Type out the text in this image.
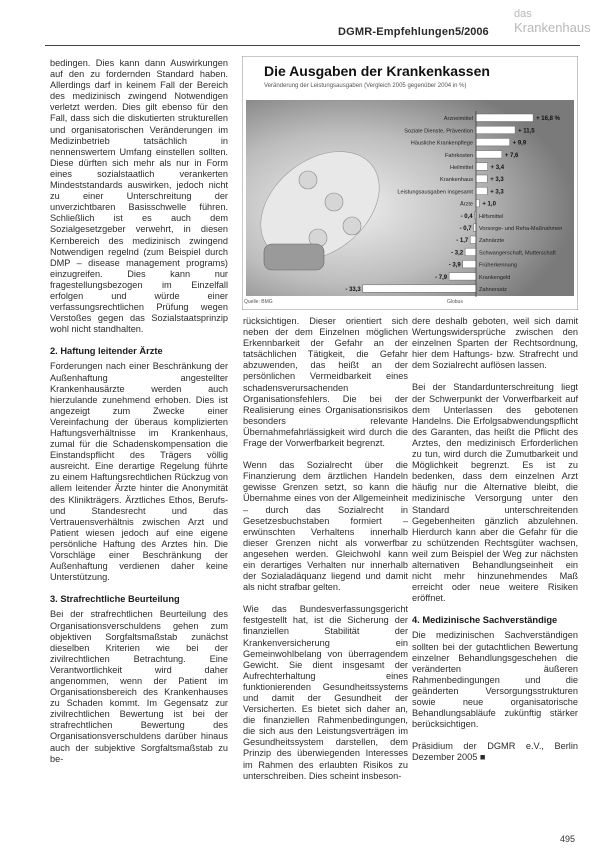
DGMR-Empfehlungen 5/2006
das
Krankenhaus
Arzneimittel	+ 16,8 %
Soziale Dienste, Prävention	+ 11,5
Häusliche Krankenpflege	+ 9,9
Fahrkosten	+ 7,6
Heilmittel	+ 3,4
Krankenhaus	+ 3,3
Leistungsausgaben insgesamt	+ 3,3
Ärzte + 1,0
Hilfsmittel
- 0,4
Vorsorge- und Reha-Maßnahmen
- 0,7
Zahnärzte
- 1,7
Schwangerschaft, Mutterschaft
- 3,2
Früherkennung
- 3,9
Krankengeld
- 7,9
Zahnersatz
- 33,3
Die Ausgaben der Krankenkassen
Veränderung der Leistungsausgaben (Vergleich 2005 gegenüber 2004 in %)
Quelle: BMG	Globus

bedingen. Dies kann dann Auswirkungen auf den zu fordernden Standard haben. Allerdings darf in keinem Fall der Bereich des medizinisch zwingend Notwendigen verletzt werden. Dies gilt ebenso für den Fall, dass sich die diskutierten strukturellen und organisatorischen Veränderungen im Medizinbetrieb tatsächlich in nennenswertem Umfang einstellen sollten. Diese dürften sich mehr als nur in Form eines sozialstaatlich verankerten Mindeststandards auswirken, jedoch nicht zu einer Unterschreitung der unverzichtbaren Basisschwelle führen. Schließlich ist es auch dem Sozialgesetzgeber verwehrt, in diesen Kernbereich des medizinisch zwingend Notwendigen regelnd (zum Beispiel durch DMP – disease management programs) einzugreifen. Dies kann nur fragestellungsbezogen im Einzelfall erfolgen und würde einer verfassungsrechtlichen Prüfung wegen Verstoßes gegen das Sozialstaatsprinzip wohl nicht standhalten.

2. Haftung leitender Ärzte

Forderungen nach einer Beschränkung der Außenhaftung angestellter Krankenhausärzte werden auch hierzulande zunehmend erhoben. Dies ist angezeigt zum Zwecke einer Vereinfachung der überaus komplizierten Haftungsverhältnisse im Krankenhaus, zumal für die Schadenskompensation die Einstandspflicht des Trägers völlig ausreicht. Eine derartige Regelung führte zu einem Haftungsrechtlichen Rückzug von allem leitender Ärzte hinter die Anonymität des Klinikträgers. Ärztliches Ethos, Berufs- und Standesrecht und das Vertrauensverhältnis zwischen Arzt und Patient wiesen jedoch auf eine eigene persönliche Haftung des Arztes hin. Die Vorschläge einer Beschränkung der Außenhaftung verdienen daher keine Unterstützung.

3. Strafrechtliche Beurteilung

Bei der strafrechtlichen Beurteilung des Organisationsverschuldens gehen zum objektiven Sorgfaltsmaßstab zunächst dieselben Kriterien wie bei der zivilrechtlichen Betrachtung. Eine Verantwortlichkeit wird daher angenommen, wenn der Patient im Organisationsbereich des Krankenhauses zu Schaden kommt. Im Gegensatz zur zivilrechtlichen Bewertung ist bei der strafrechtlichen Bewertung des Organisationsverschuldens darüber hinaus auch der subjektive Sorgfaltsmaßstab zu be-

rücksichtigen. Dieser orientiert sich neben der dem Einzelnen möglichen Erkennbarkeit der Gefahr an der tatsächlichen Tätigkeit, die Gefahr abzuwenden, das heißt an der persönlichen Vermeidbarkeit eines schadensverursachenden Organisationsfehlers. Die bei der Realisierung eines Organisationsrisikos besonders relevante Übernahmefahrlässigkeit wird durch die Frage der Vorwerfbarkeit begrenzt.

Wenn das Sozialrecht über die Finanzierung dem ärztlichen Handeln gewisse Grenzen setzt, so kann die Übernahme eines von der Allgemeinheit – durch das Sozialrecht in Gesetzesbuchstaben formiert – erwünschten Verhaltens innerhalb dieser Grenzen nicht als vorwerfbar angesehen werden. Gleichwohl kann ein derartiges Verhalten nur innerhalb der Sozialadäquanz liegend und damit als nicht strafbar gelten.

Wie das Bundesverfassungsgericht festgestellt hat, ist die Sicherung der finanziellen Stabilität der Krankenversicherung ein Gemeinwohlbelang von überragendem Gewicht. Sie dient insgesamt der Aufrechterhaltung eines funktionierenden Gesundheitssystems und damit der Gesundheit der Versicherten. Es bietet sich daher an, die finanziellen Rahmenbedingungen, die sich aus den Leistungsverträgen im Gesundheitssystem darstellen, dem Prinzip des überwiegenden Interesses im Rahmen des erlaubten Risikos zu unterschreiben. Dies scheint insbeson-

dere deshalb geboten, weil sich damit Wertungswidersprüche zwischen den einzelnen Sparten der Rechtsordnung, hier dem Haftungs- bzw. Strafrecht und dem Sozialrecht auflösen lassen.

Bei der Standardunterschreitung liegt der Schwerpunkt der Vorwerfbarkeit auf dem Unterlassen des gebotenen Handelns. Die Erfolgsabwendungspflicht des Garanten, das heißt die Pflicht des Arztes, den medizinisch Erforderlichen zu tun, wird durch die Zumutbarkeit und Möglichkeit begrenzt. Es ist zu bedenken, dass dem einzelnen Arzt häufig nur die Alternative bleibt, die medizinische Versorgung unter den Standard unterschreitenden Gegebenheiten gänzlich abzulehnen. Hierdurch kann aber die Gefahr für die zu schützenden Rechtsgüter wachsen, weil zum Beispiel der Weg zur nächsten alternativen Behandlungseinheit ein nicht mehr hinzunehmendes Maß erreicht oder neue weitere Risiken eröffnet.

4. Medizinische Sachverständige

Die medizinischen Sachverständigen sollten bei der gutachtlichen Bewertung einzelner Behandlungsgeschehen die veränderten äußeren Rahmenbedingungen und die geänderten Versorgungsstrukturen sowie neue organisatorische Behandlungsabläufe zukünftig stärker berücksichtigen.

Präsidium der DGMR e.V., Berlin Dezember 2005 ■

495
